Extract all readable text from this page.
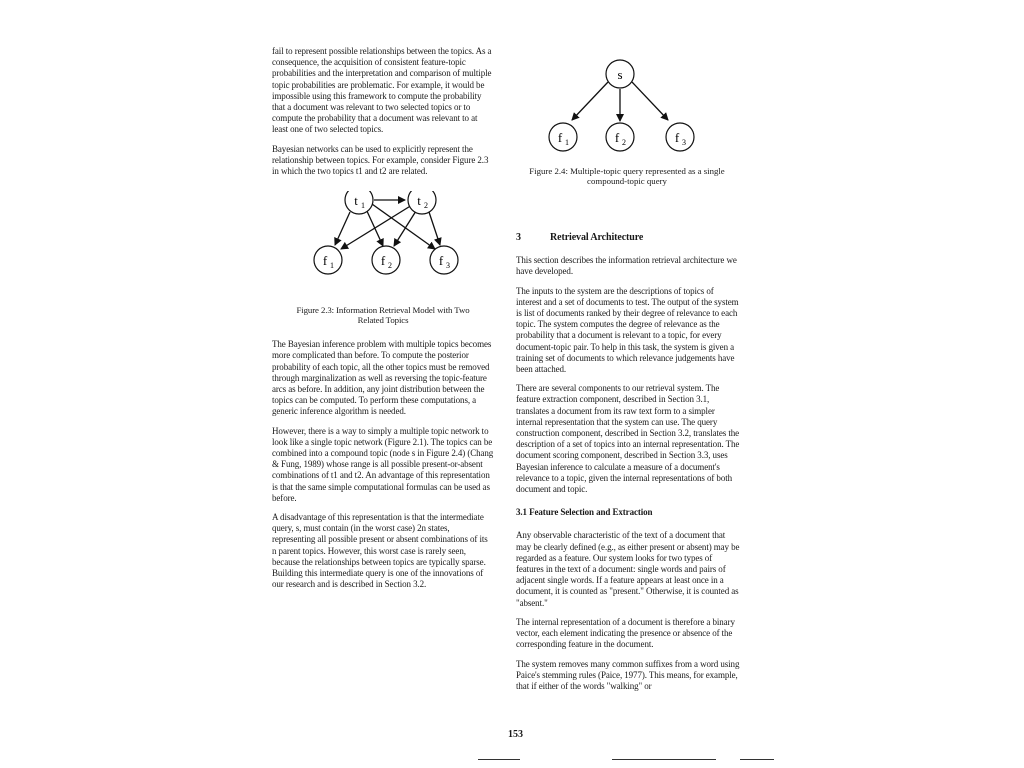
fail to represent possible relationships between the topics. As a consequence, the acquisition of consistent feature-topic probabilities and the interpretation and comparison of multiple topic probabilities are problematic. For example, it would be impossible using this framework to compute the probability that a document was relevant to two selected topics or to compute the probability that a document was relevant to at least one of two selected topics.

Bayesian networks can be used to explicitly represent the relationship between topics. For example, consider Figure 2.3 in which the two topics t1 and t2 are related.

t 1	t 2
f 1	f 2	f 3

Figure 2.3: Information Retrieval Model with Two Related Topics

The Bayesian inference problem with multiple topics becomes more complicated than before. To compute the posterior probability of each topic, all the other topics must be removed through marginalization as well as reversing the topic-feature arcs as before. In addition, any joint distribution between the topics can be computed. To perform these computations, a generic inference algorithm is needed.

However, there is a way to simply a multiple topic network to look like a single topic network (Figure 2.1). The topics can be combined into a compound topic (node s in Figure 2.4) (Chang & Fung, 1989) whose range is all possible present-or-absent combinations of t1 and t2. An advantage of this representation is that the same simple computational formulas can be used as before.

A disadvantage of this representation is that the intermediate query, s, must contain (in the worst case) 2n states, representing all possible present or absent combinations of its n parent topics. However, this worst case is rarely seen, because the relationships between topics are typically sparse. Building this intermediate query is one of the innovations of our research and is described in Section 3.2.

s
f 1	f 2	f 3
Figure 2.4: Multiple-topic query represented as a single compound-topic query
3	Retrieval Architecture

This section describes the information retrieval architecture we have developed.

The inputs to the system are the descriptions of topics of interest and a set of documents to test. The output of the system is list of documents ranked by their degree of relevance to each topic. The system computes the degree of relevance as the probability that a document is relevant to a topic, for every document-topic pair. To help in this task, the system is given a training set of documents to which relevance judgements have been attached.

There are several components to our retrieval system. The feature extraction component, described in Section 3.1, translates a document from its raw text form to a simpler internal representation that the system can use. The query construction component, described in Section 3.2, translates the description of a set of topics into an internal representation. The document scoring component, described in Section 3.3, uses Bayesian inference to calculate a measure of a document's relevance to a topic, given the internal representations of both document and topic.

3.1 Feature Selection and Extraction

Any observable characteristic of the text of a document that may be clearly defined (e.g., as either present or absent) may be regarded as a feature. Our system looks for two types of features in the text of a document: single words and pairs of adjacent single words. If a feature appears at least once in a document, it is counted as "present." Otherwise, it is counted as "absent."

The internal representation of a document is therefore a binary vector, each element indicating the presence or absence of the corresponding feature in the document.

The system removes many common suffixes from a word using Paice's stemming rules (Paice, 1977). This means, for example, that if either of the words "walking" or

153
